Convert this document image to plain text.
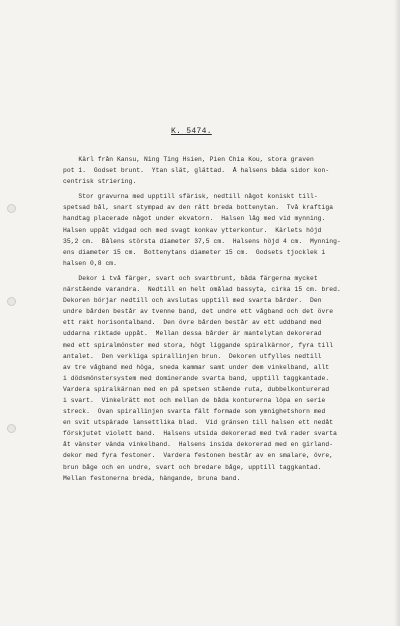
K. 5474.
Kärl från Kansu, Ning Ting Hsien, Pien Chia Kou, stora graven
pot 1.  Godset brunt.  Ytan slät, glättad.  Å halsens båda sidor kon-
centrisk striering.
Stor gravurna med upptill sfärisk, nedtill något koniskt till-
spetsad bål, snart stympad av den rätt breda bottenytan.  Två kraftiga
handtag placerade något under ekvatorn.  Halsen låg med vid mynning.
Halsen uppåt vidgad och med svagt konkav ytterkontur.  Kärlets höjd
35,2 cm.  Bålens största diameter 37,5 cm.  Halsens höjd 4 cm.  Mynning-
ens diameter 15 cm.  Bottenytans diameter 15 cm.  Godsets tjocklek i
halsen 0,8 cm.
Dekor i två färger, svart och svartbrunt, båda färgerna mycket
närstående varandra.  Nedtill en helt omålad bassyta, cirka 15 cm. bred.
Dekoren börjar nedtill och avslutas upptill med svarta bårder.  Den
undre bården består av tvenne band, det undre ett vågband och det övre
ett rakt horisontalband.  Den övre bården består av ett uddband med
uddarna riktade uppåt.  Mellan dessa bårder är mantelytan dekorerad
med ett spiralmönster med stora, högt liggande spiralkärnor, fyra till
antalet.  Den verkliga spirallinjen brun.  Dekoren utfylles nedtill
av tre vågband med höga, sneda kammar samt under dem vinkelband, allt
i dödsmönstersystem med dominerande svarta band, upptill taggkantade.
Vardera spiralkärnan med en på spetsen stående ruta, dubbelkonturerad
i svart.  Vinkelrätt mot och mellan de båda konturerna löpa en serie
streck.  Ovan spirallinjen svarta fält formade som ymnighetshorn med
en svit utspärade lansettlika blad.  Vid gränsen till halsen ett nedåt
förskjutet violett band.  Halsens utsida dekorerad med två rader svarta
åt vänster vända vinkelband.  Halsens insida dekorerad med en girland-
dekor med fyra festoner.  Vardera festonen består av en smalare, övre,
brun båge och en undre, svart och bredare båge, upptill taggkantad.
Mellan festonerna breda, hängande, bruna band.
